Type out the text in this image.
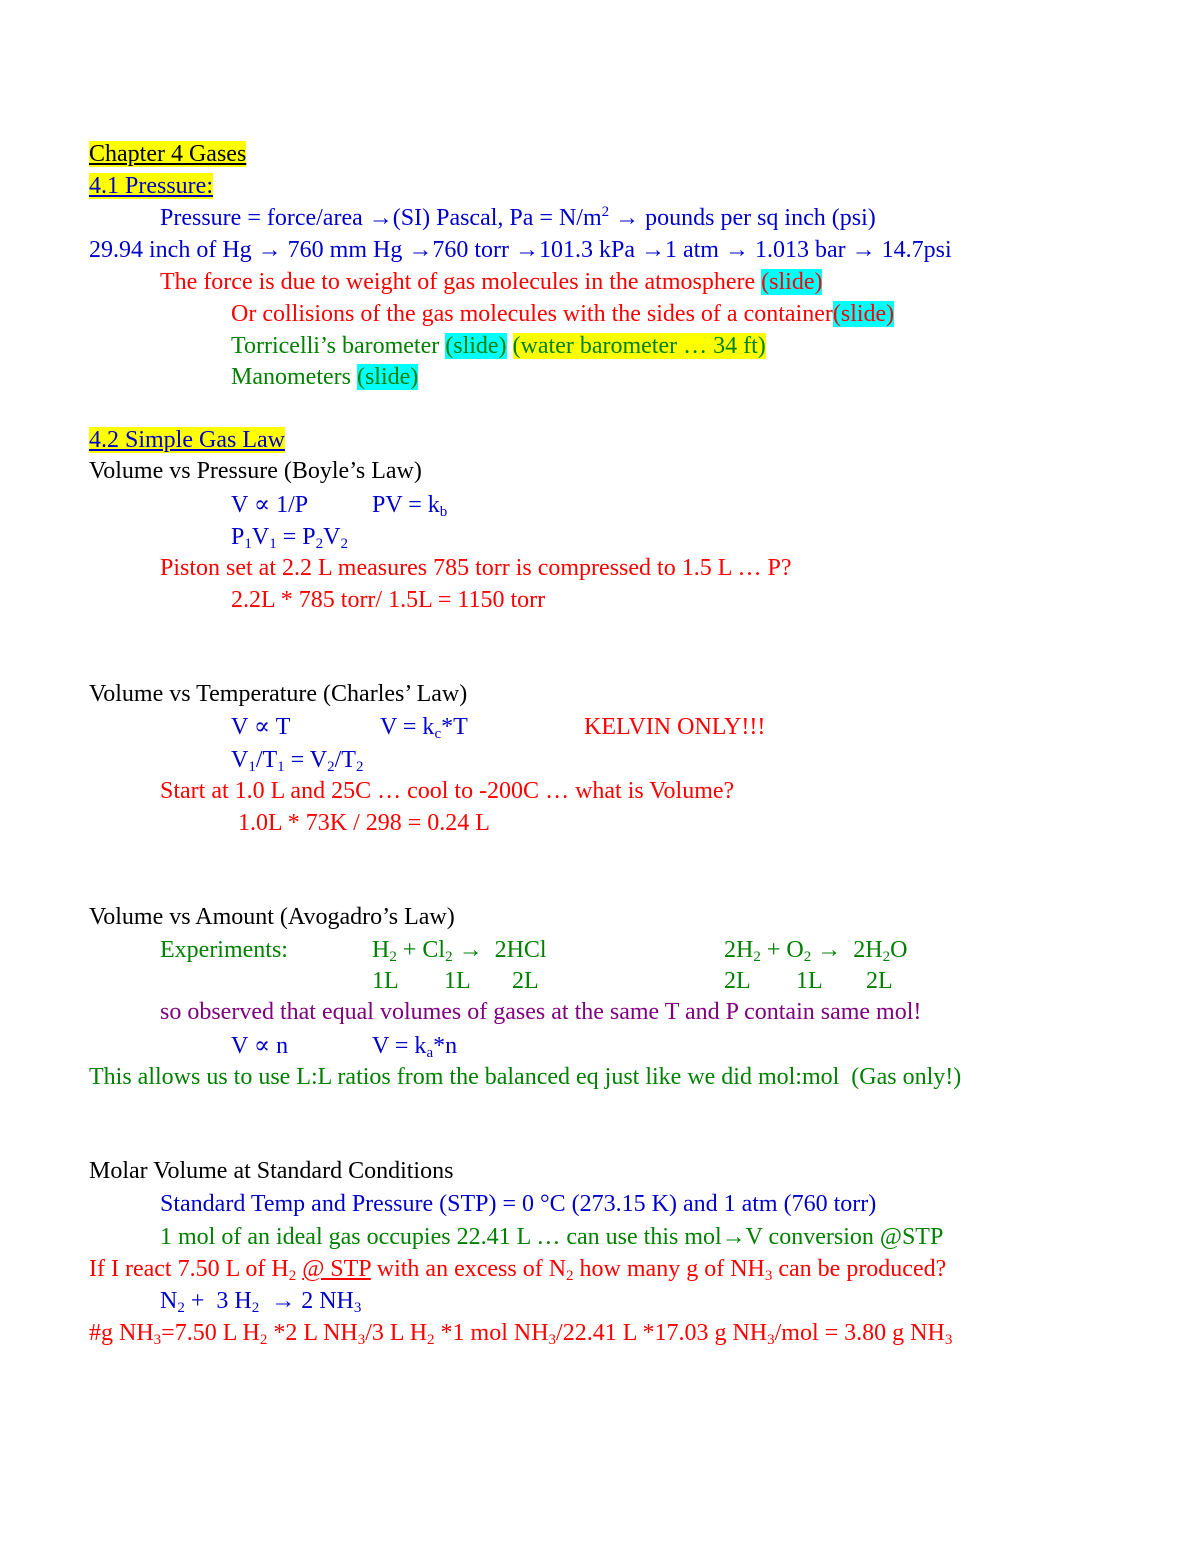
Chapter 4 Gases
4.1 Pressure:
Pressure = force/area →(SI) Pascal, $Pa = N/m^2$ → pounds per sq inch (psi)
29.94 inch of Hg → 760 mm Hg →760 torr →101.3 kPa →1 atm → 1.013 bar → 14.7psi
The force is due to weight of gas molecules in the atmosphere (slide)
Or collisions of the gas molecules with the sides of a container(slide)
Torricelli’s barometer (slide) (water barometer … 34 ft)
Manometers (slide)
4.2 Simple Gas Law
Volume vs Pressure (Boyle’s Law)
V ∝ 1/P	PV = $k_b$
$P_1V_1 = P_2V_2$
Piston set at 2.2 L measures 785 torr is compressed to 1.5 L … P?
2.2L * 785 torr/ 1.5L = 1150 torr
Volume vs Temperature (Charles’ Law)
V ∝ T	$V = k_c*T$	KELVIN ONLY!!!
$V_1/T_1 = V_2/T_2$
Start at 1.0 L and 25C … cool to -200C … what is Volume?
1.0L * 73K / 298 = 0.24 L
Volume vs Amount (Avogadro’s Law)
Experiments:	$H_2 + Cl_2 \to 2HCl$	$2H_2 + O_2 \to 2H_2O$
1L 1L 2L	2L 1L 2L
so observed that equal volumes of gases at the same T and P contain same mol!
V ∝ n	$V = k_a*n$
This allows us to use L:L ratios from the balanced eq just like we did mol:mol  (Gas only!)
Molar Volume at Standard Conditions
Standard Temp and Pressure (STP) = 0 °C (273.15 K) and 1 atm (760 torr)
1 mol of an ideal gas occupies 22.41 L … can use this mol→V conversion @STP
If I react 7.50 L of $H_2$ @ STP with an excess of $N_2$ how many g of $NH_3$ can be produced?
$N_2 + 3$ $H_2 \to 2$ $NH_3$
#g $NH_3=7.50$ L $H_2$ *2 L $NH_3/3$ L $H_2$ *1 mol $NH_3/22.41$ L *17.03 g $NH_3$/mol = 3.80 g $NH_3$
